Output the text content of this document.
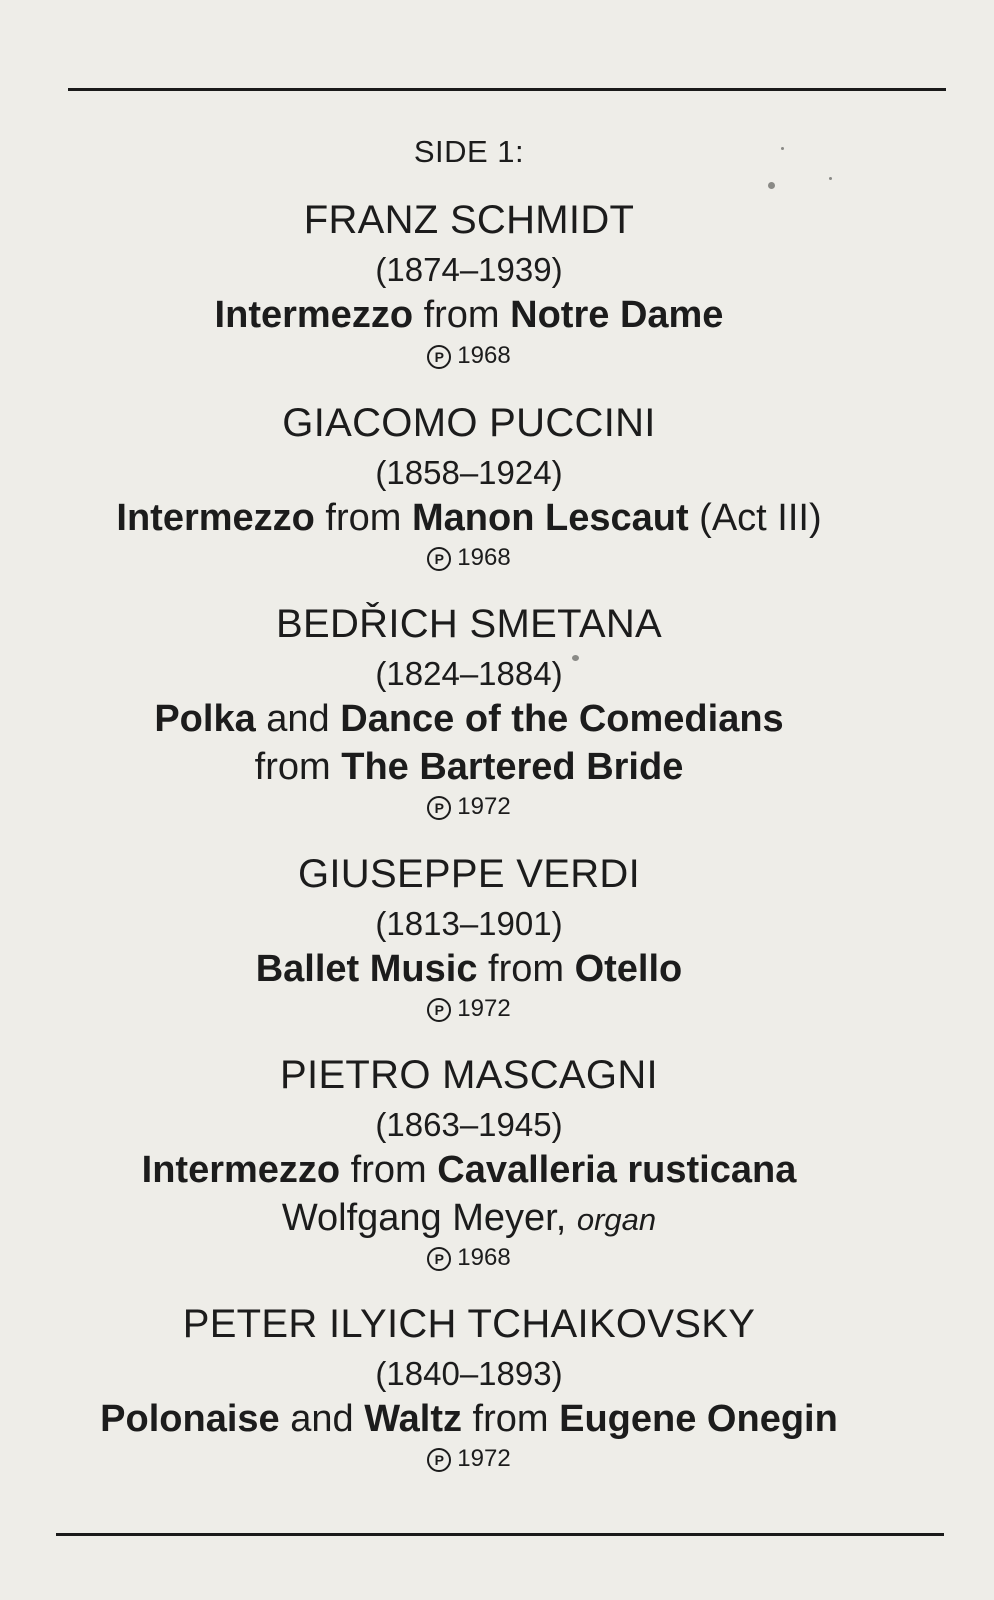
SIDE 1:
FRANZ SCHMIDT
(1874–1939)
Intermezzo from Notre Dame
P 1968
GIACOMO PUCCINI
(1858–1924)
Intermezzo from Manon Lescaut (Act III)
P 1968
BEDŘICH SMETANA
(1824–1884)
Polka and Dance of the Comedians
from The Bartered Bride
P 1972
GIUSEPPE VERDI
(1813–1901)
Ballet Music from Otello
P 1972
PIETRO MASCAGNI
(1863–1945)
Intermezzo from Cavalleria rusticana
Wolfgang Meyer, organ
P 1968
PETER ILYICH TCHAIKOVSKY
(1840–1893)
Polonaise and Waltz from Eugene Onegin
P 1972
